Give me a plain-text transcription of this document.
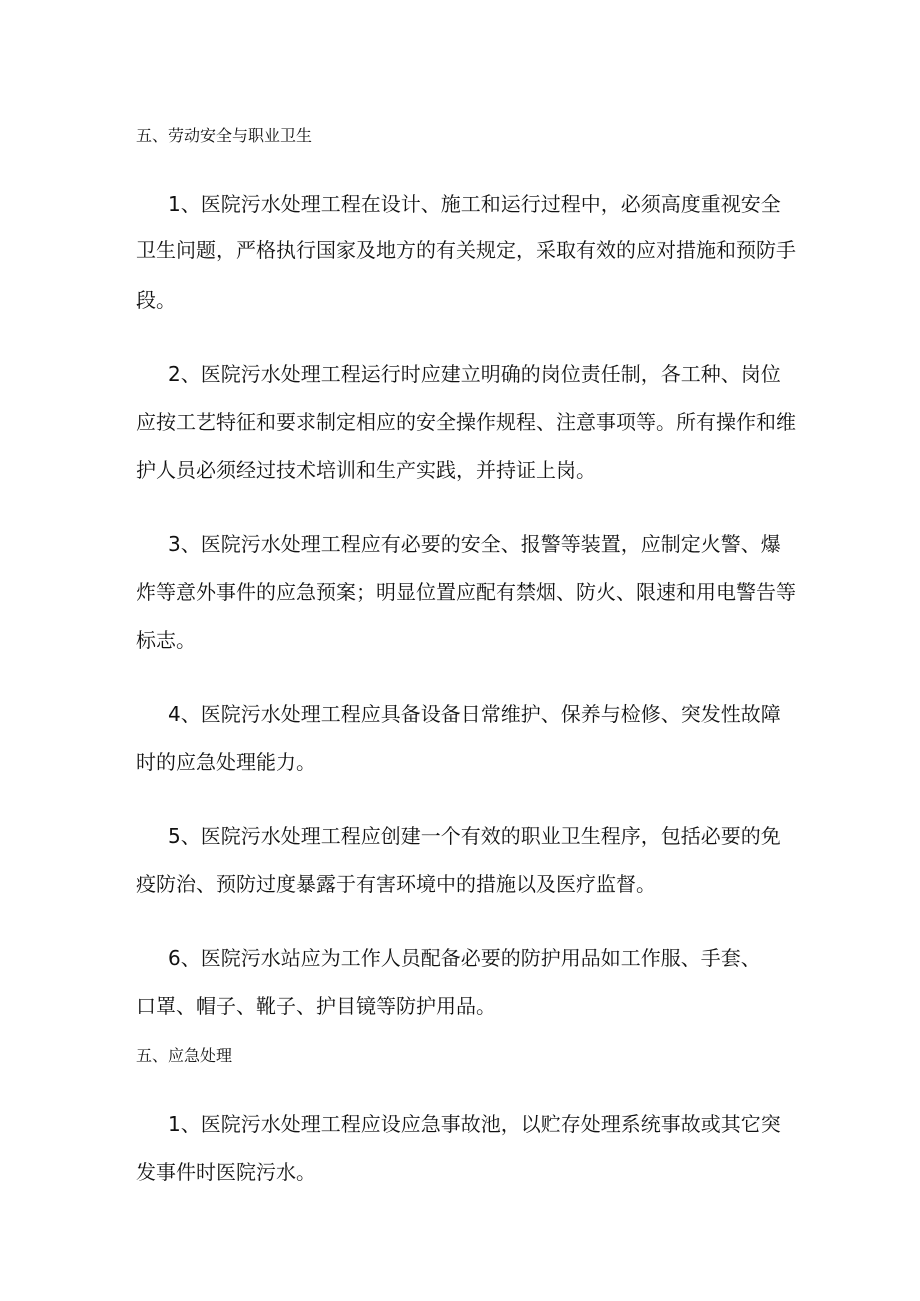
五、劳动安全与职业卫生
1、医院污水处理工程在设计、施工和运行过程中，必须高度重视安全
卫生问题，严格执行国家及地方的有关规定，采取有效的应对措施和预防手
段。
2、医院污水处理工程运行时应建立明确的岗位责任制，各工种、岗位
应按工艺特征和要求制定相应的安全操作规程、注意事项等。所有操作和维
护人员必须经过技术培训和生产实践，并持证上岗。
3、医院污水处理工程应有必要的安全、报警等装置，应制定火警、爆
炸等意外事件的应急预案；明显位置应配有禁烟、防火、限速和用电警告等
标志。
4、医院污水处理工程应具备设备日常维护、保养与检修、突发性故障
时的应急处理能力。
5、医院污水处理工程应创建一个有效的职业卫生程序，包括必要的免
疫防治、预防过度暴露于有害环境中的措施以及医疗监督。
6、医院污水站应为工作人员配备必要的防护用品如工作服、手套、
口罩、帽子、靴子、护目镜等防护用品。
五、应急处理
1、医院污水处理工程应设应急事故池，以贮存处理系统事故或其它突
发事件时医院污水。
